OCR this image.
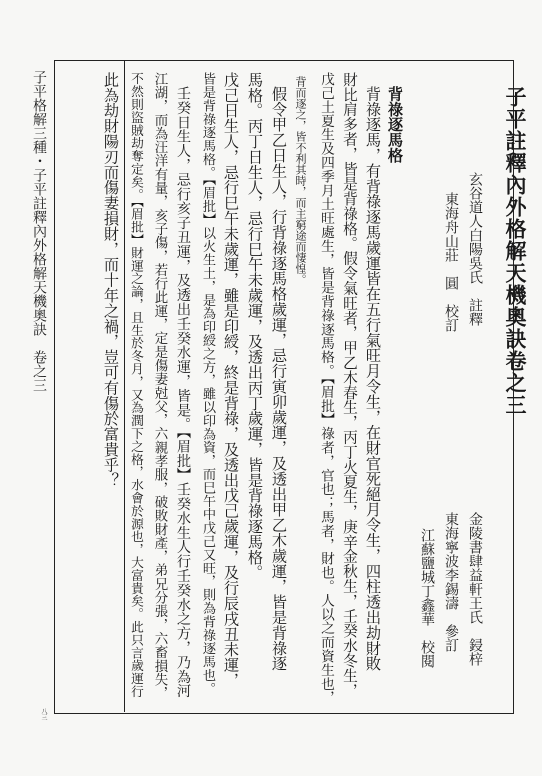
子平註釋內外格解天機奧訣卷之三
玄谷道人白陽吳氏　註釋
東海舟山莊　圓　校訂
金陵書肆益軒王氏　鋟梓
東海寧波李錫濤　參訂
江蘇鹽城丁鑫華　校閱
背祿逐馬格
背祿逐馬，有背祿逐馬歲運皆在五行氣旺月令生，在財官死絕月令生，四柱透出劫財敗
財比肩多者，皆是背祿格。假令氣旺者，甲乙木春生，丙丁火夏生，庚辛金秋生，壬癸水冬生，
戊己土夏生及四季月土旺處生，皆是背祿逐馬格。【眉批】祿者，官也；馬者，財也。人以之而資生也，
背而逐之，皆不利其時，而主窮途而悽惶。
假令甲乙日生人，行背祿逐馬格歲運，忌行寅卯歲運，及透出甲乙木歲運，皆是背祿逐
馬格。丙丁日生人，忌行巳午未歲運，及透出丙丁歲運，皆是背祿逐馬格。
戊己日生人，忌行巳午未歲運，雖是印綬，終是背祿，及透出戊己歲運，及行辰戌丑未運，
皆是背祿逐馬格。【眉批】以火生土，是為印綬之方，雖以印為資，而巳午中戊己又旺，則為背祿逐馬也。
壬癸日生人，忌行亥子丑運，及透出壬癸水運，皆是。【眉批】壬癸水生人行壬癸水之方，乃為河
江湖，而為汪洋有量，亥子傷，若行此運，定是傷妻尅父，六親孝服，破敗財產，弟兄分張，六畜損失，
不然則盜賊劫奪定矣。【眉批】財運之論，且生於冬月，又為潤下之格，水會於源也，大富貴矣。此只言歲運行
此為劫財陽刃而傷妻損財，而十年之禍，豈可有傷於富貴乎？
子平格解三種・子平註釋內外格解天機奧訣　卷之三
八三
